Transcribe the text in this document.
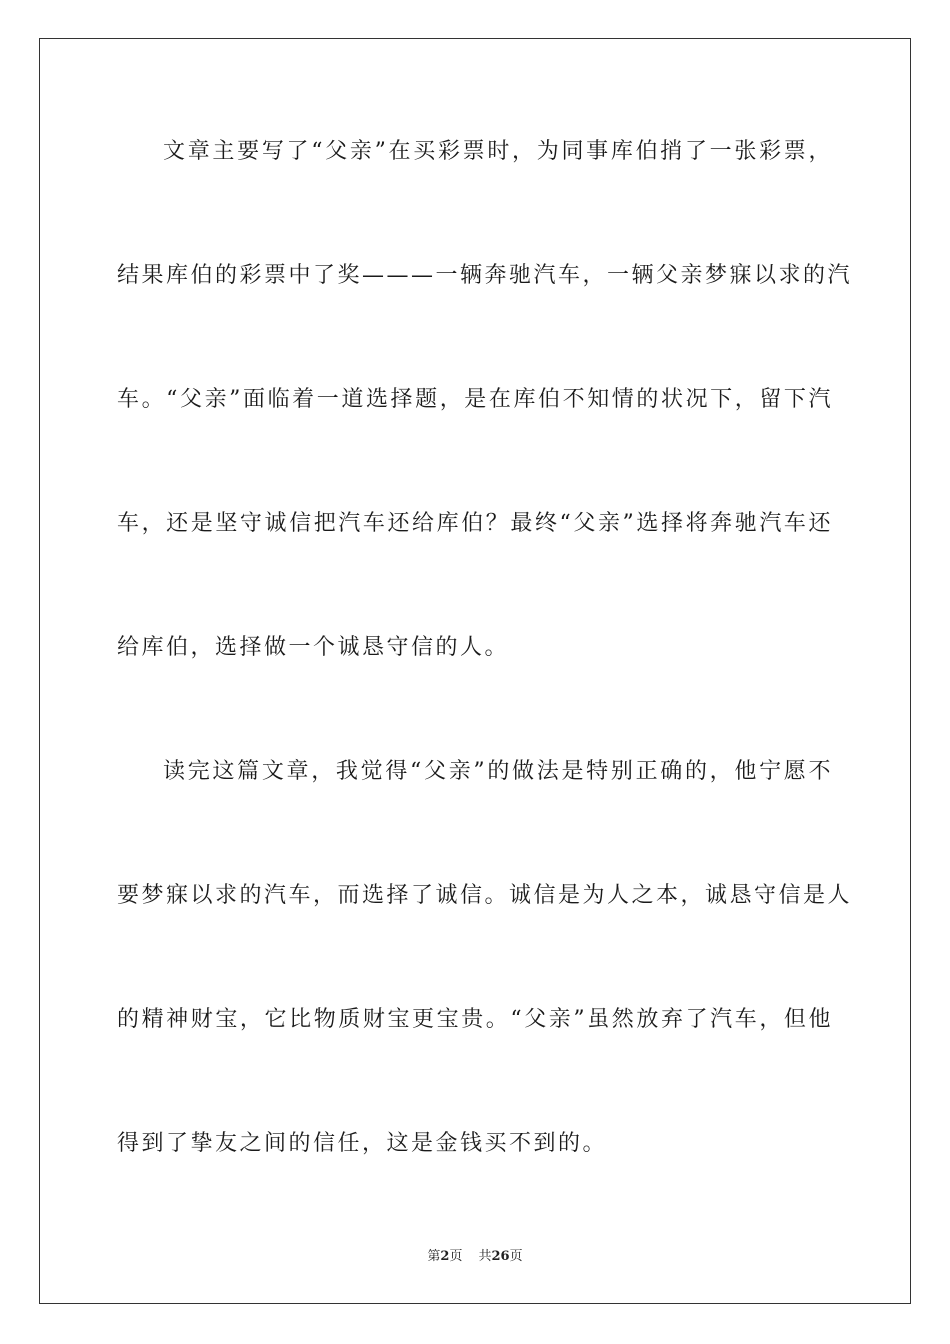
文章主要写了“父亲”在买彩票时，为同事库伯捎了一张彩票，
结果库伯的彩票中了奖———一辆奔驰汽车，一辆父亲梦寐以求的汽
车。“父亲”面临着一道选择题，是在库伯不知情的状况下，留下汽
车，还是坚守诚信把汽车还给库伯？最终“父亲”选择将奔驰汽车还
给库伯，选择做一个诚恳守信的人。
读完这篇文章，我觉得“父亲”的做法是特别正确的，他宁愿不
要梦寐以求的汽车，而选择了诚信。诚信是为人之本，诚恳守信是人
的精神财宝，它比物质财宝更宝贵。“父亲”虽然放弃了汽车，但他
得到了挚友之间的信任，这是金钱买不到的。
第2页 共26页
